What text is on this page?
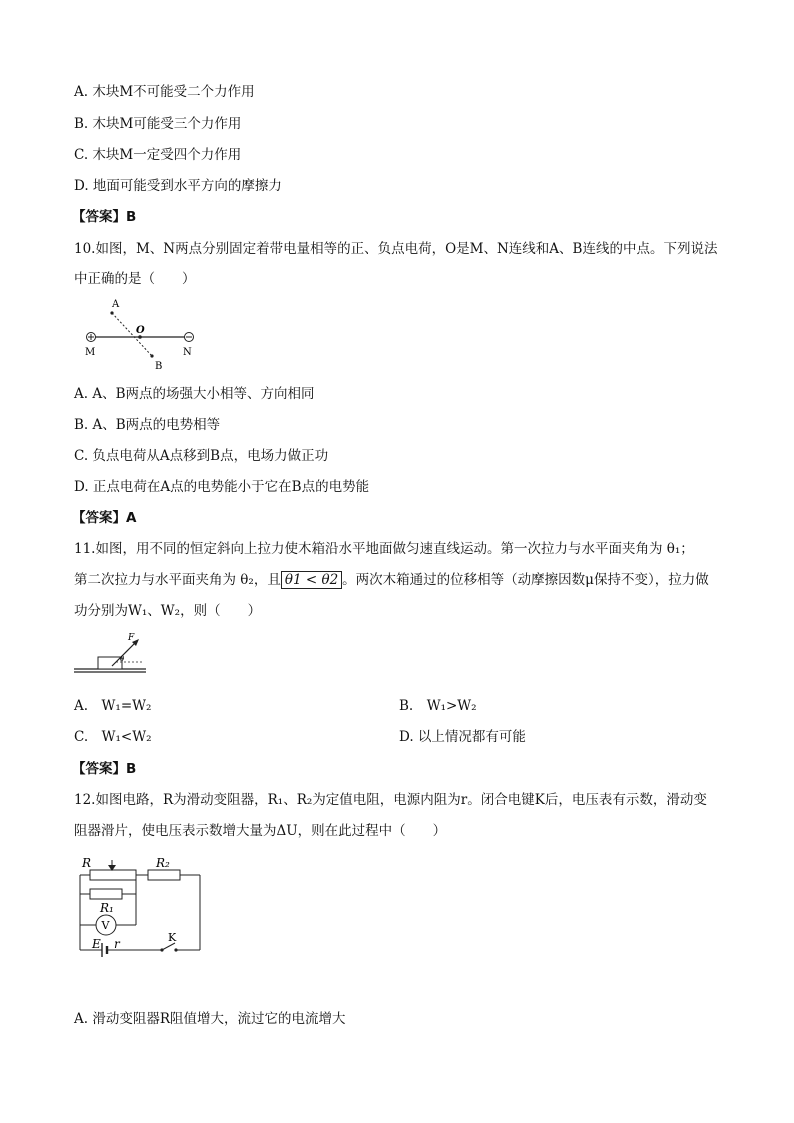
A. 木块M不可能受二个力作用
B. 木块M可能受三个力作用
C. 木块M一定受四个力作用
D. 地面可能受到水平方向的摩擦力
【答案】B
10.如图，M、N两点分别固定着带电量相等的正、负点电荷，O是M、N连线和A、B连线的中点。下列说法
中正确的是（　　）
A
O
M	N
B
A. A、B两点的场强大小相等、方向相同
B. A、B两点的电势相等
C. 负点电荷从A点移到B点，电场力做正功
D. 正点电荷在A点的电势能小于它在B点的电势能
【答案】A
11.如图，用不同的恒定斜向上拉力使木箱沿水平地面做匀速直线运动。第一次拉力与水平面夹角为 θ₁；
第二次拉力与水平面夹角为 θ₂，且 θ1 < θ2 。两次木箱通过的位移相等（动摩擦因数μ保持不变），拉力做
功分别为W₁、W₂，则（　　）
F
θ
A.　W₁=W₂	B.　W₁>W₂
C.　W₁<W₂	D. 以上情况都有可能
【答案】B
12.如图电路，R为滑动变阻器，R₁、R₂为定值电阻，电源内阻为r。闭合电键K后，电压表有示数，滑动变
阻器滑片，使电压表示数增大量为ΔU，则在此过程中（　　）
V
R	R₂
R₁
E r	K
A. 滑动变阻器R阻值增大，流过它的电流增大
